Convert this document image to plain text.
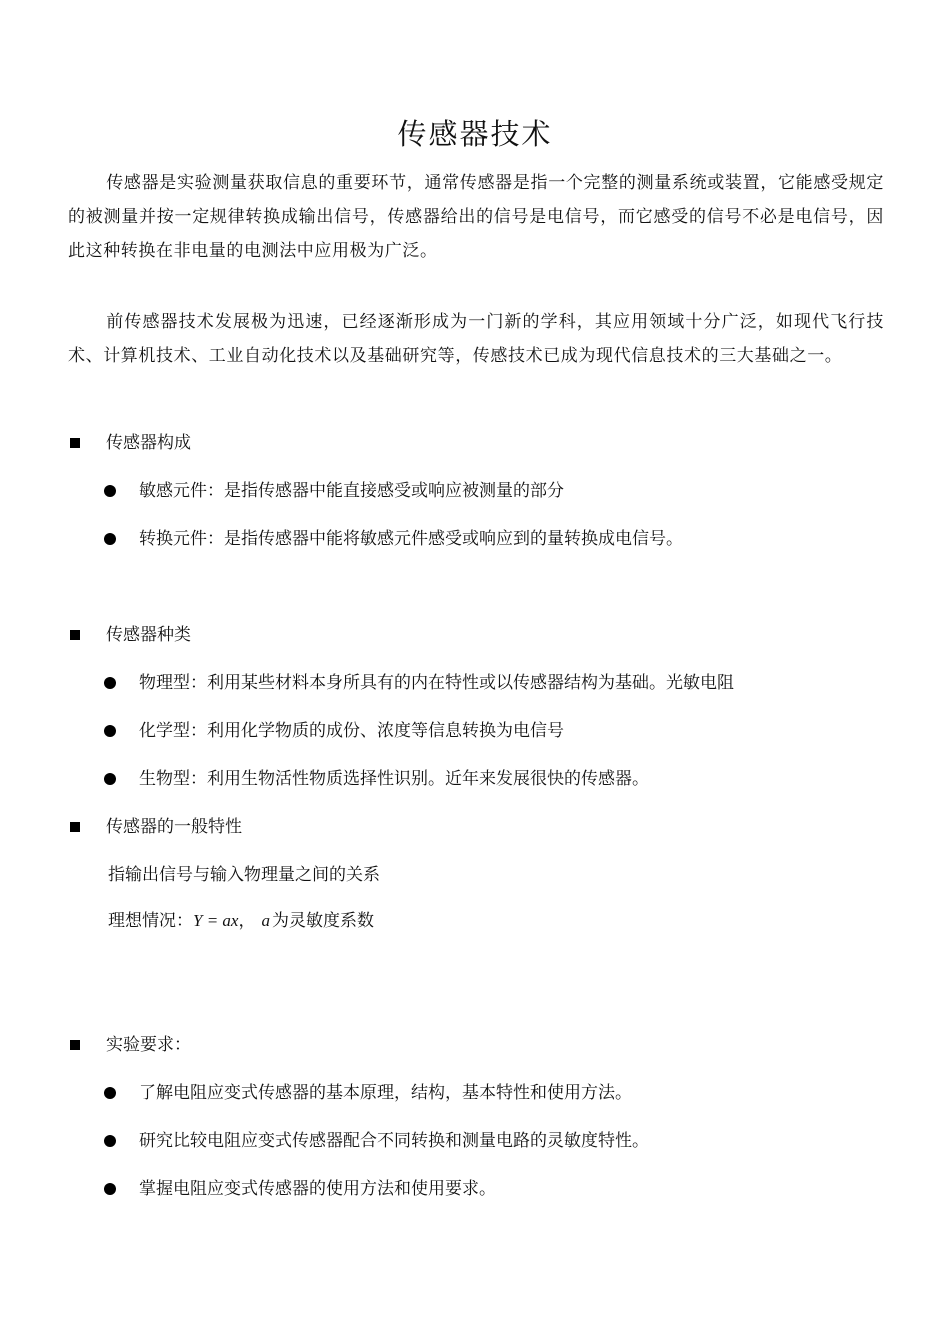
传感器技术

传感器是实验测量获取信息的重要环节，通常传感器是指一个完整的测量系统或装置，它能感受规定的被测量并按一定规律转换成输出信号，传感器给出的信号是电信号，而它感受的信号不必是电信号，因此这种转换在非电量的电测法中应用极为广泛。

前传感器技术发展极为迅速，已经逐渐形成为一门新的学科，其应用领域十分广泛，如现代飞行技术、计算机技术、工业自动化技术以及基础研究等，传感技术已成为现代信息技术的三大基础之一。

传感器构成
敏感元件：是指传感器中能直接感受或响应被测量的部分
转换元件：是指传感器中能将敏感元件感受或响应到的量转换成电信号。
传感器种类
物理型：利用某些材料本身所具有的内在特性或以传感器结构为基础。光敏电阻
化学型：利用化学物质的成份、浓度等信息转换为电信号
生物型：利用生物活性物质选择性识别。近年来发展很快的传感器。
传感器的一般特性
指输出信号与输入物理量之间的关系
理想情况：Y = ax， a 为灵敏度系数
实验要求：
了解电阻应变式传感器的基本原理，结构，基本特性和使用方法。
研究比较电阻应变式传感器配合不同转换和测量电路的灵敏度特性。
掌握电阻应变式传感器的使用方法和使用要求。
